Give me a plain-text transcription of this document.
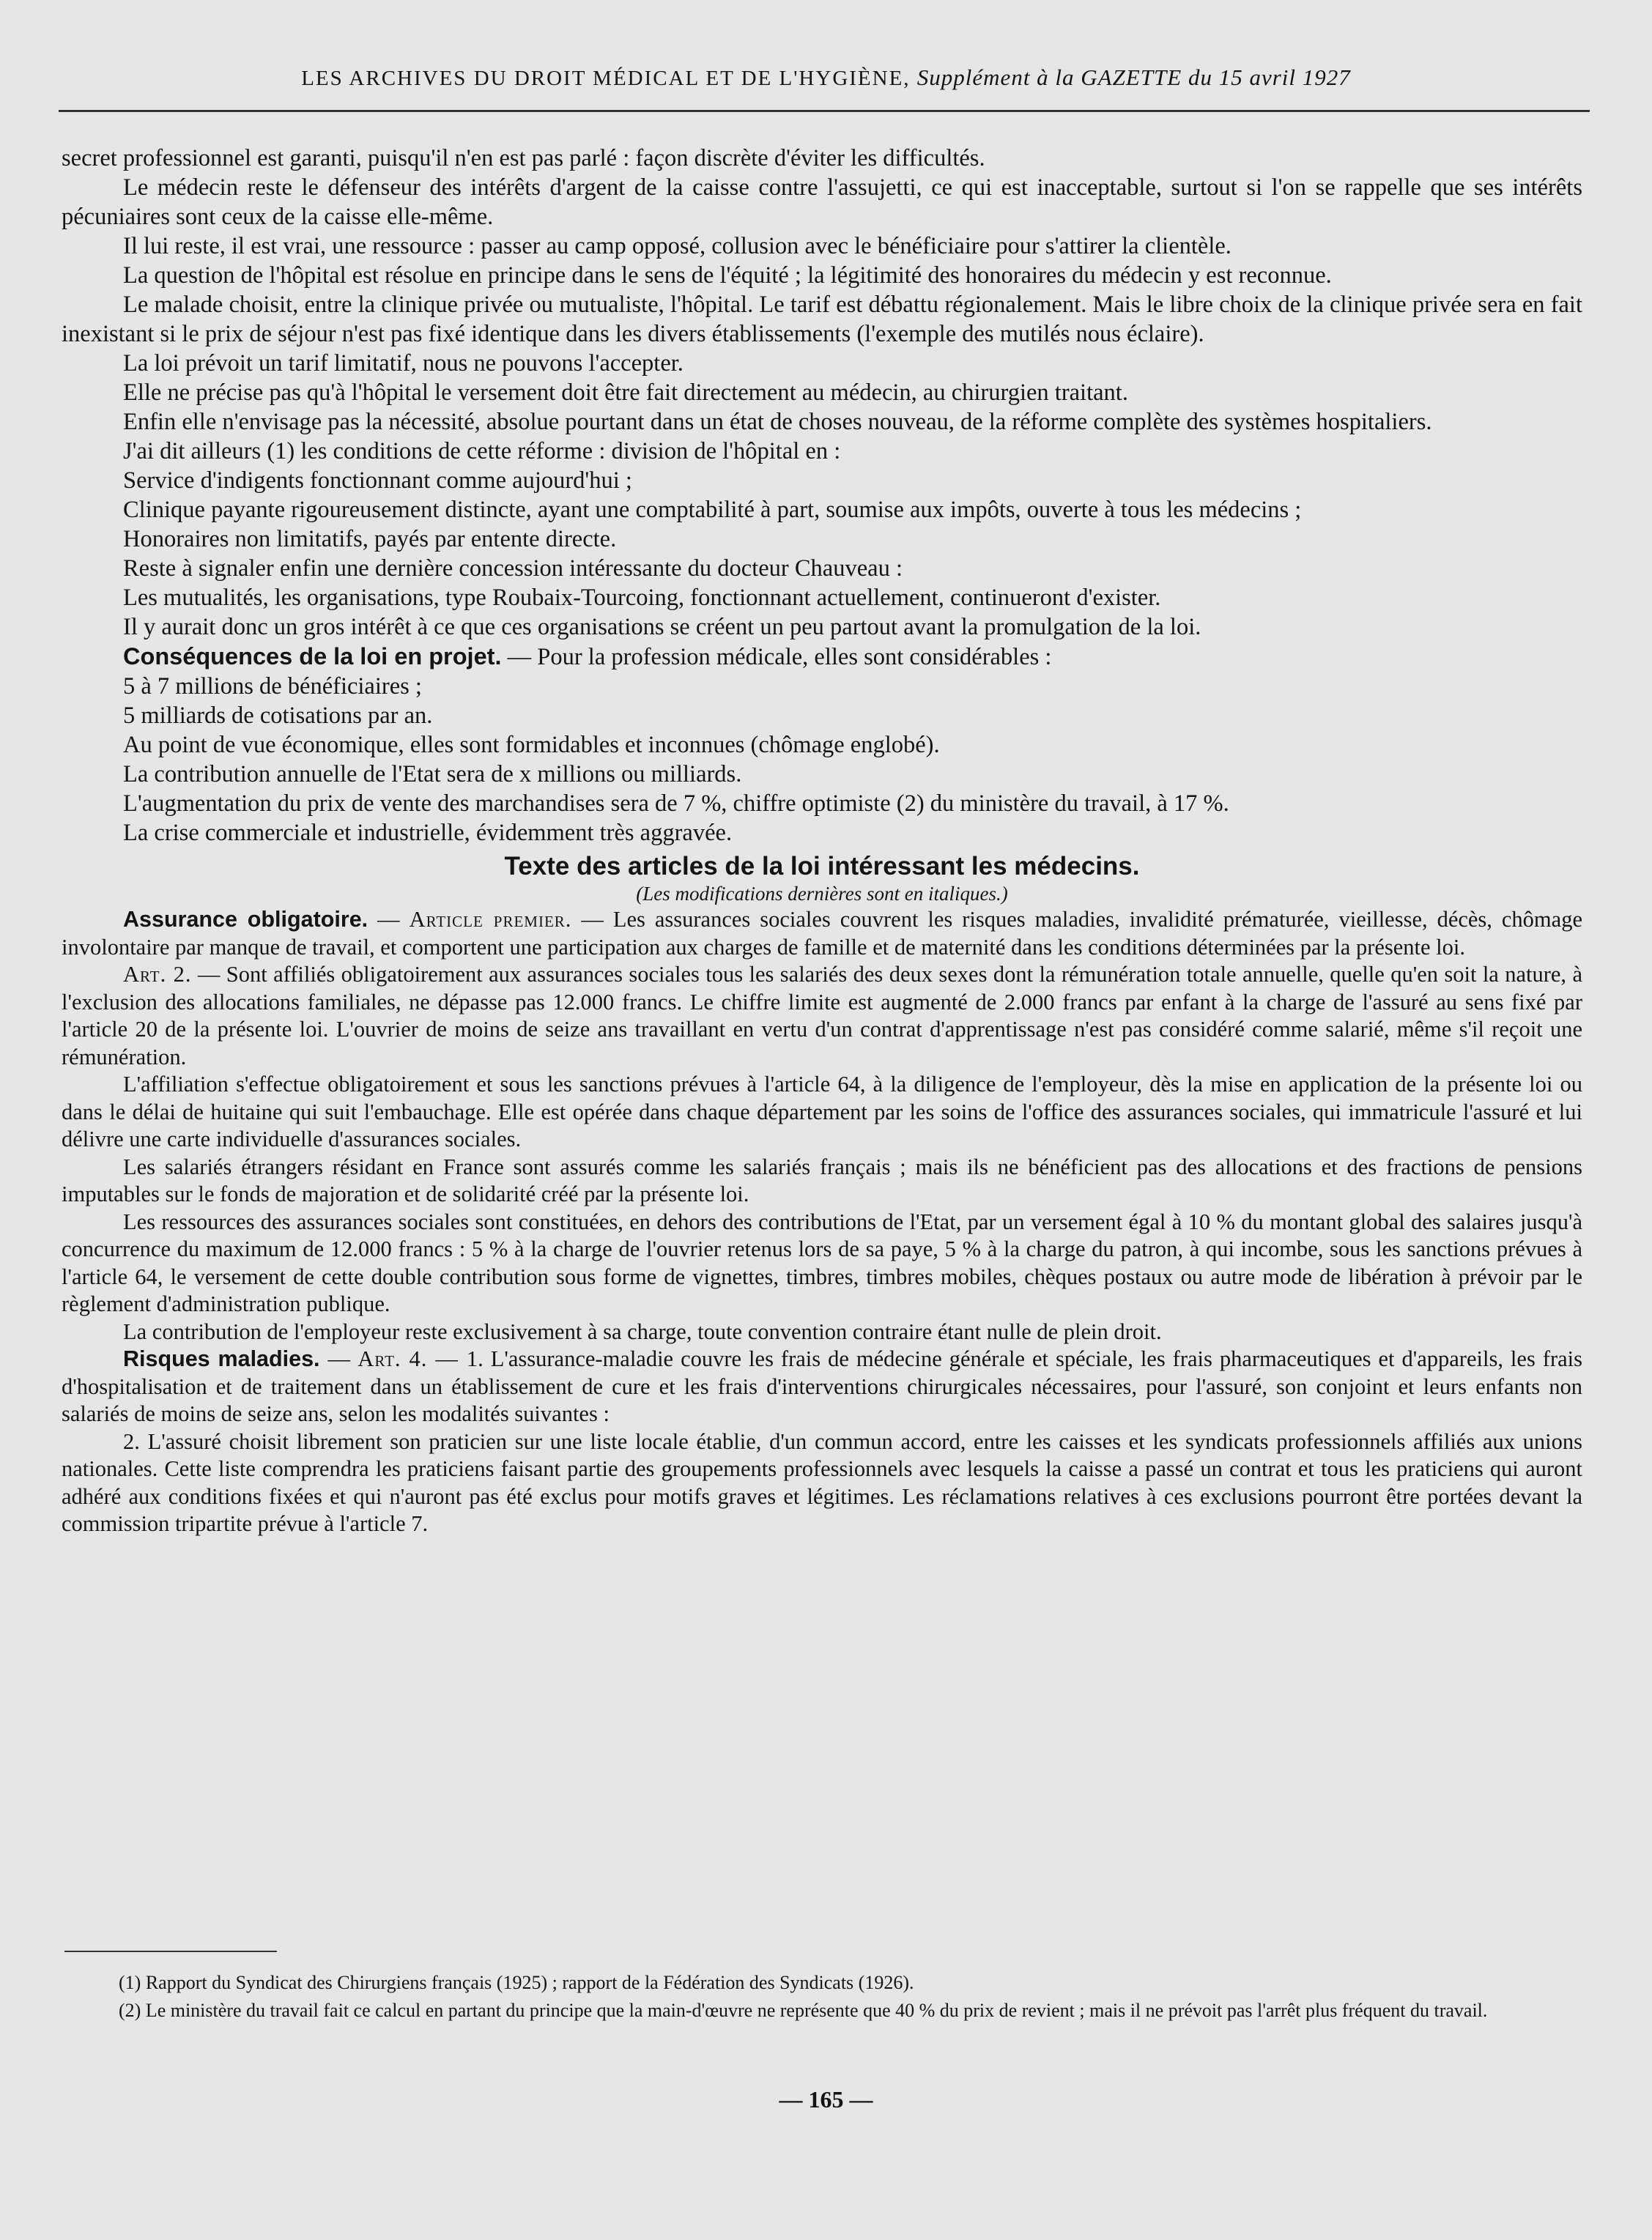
LES ARCHIVES DU DROIT MÉDICAL ET DE L'HYGIÈNE, Supplément à la GAZETTE du 15 avril 1927

secret professionnel est garanti, puisqu'il n'en est pas parlé : façon discrète d'éviter les difficultés.

Le médecin reste le défenseur des intérêts d'argent de la caisse contre l'assujetti, ce qui est inacceptable, surtout si l'on se rappelle que ses intérêts pécuniaires sont ceux de la caisse elle-même.

Il lui reste, il est vrai, une ressource : passer au camp opposé, collusion avec le bénéficiaire pour s'attirer la clientèle.

La question de l'hôpital est résolue en principe dans le sens de l'équité ; la légitimité des honoraires du médecin y est reconnue.

Le malade choisit, entre la clinique privée ou mutualiste, l'hôpital. Le tarif est débattu régionalement. Mais le libre choix de la clinique privée sera en fait inexistant si le prix de séjour n'est pas fixé identique dans les divers établissements (l'exemple des mutilés nous éclaire).

La loi prévoit un tarif limitatif, nous ne pouvons l'accepter.

Elle ne précise pas qu'à l'hôpital le versement doit être fait directement au médecin, au chirurgien traitant.

Enfin elle n'envisage pas la nécessité, absolue pourtant dans un état de choses nouveau, de la réforme complète des systèmes hospitaliers.

J'ai dit ailleurs (1) les conditions de cette réforme : division de l'hôpital en :

Service d'indigents fonctionnant comme aujourd'hui ;

Clinique payante rigoureusement distincte, ayant une comptabilité à part, soumise aux impôts, ouverte à tous les médecins ;

Honoraires non limitatifs, payés par entente directe.

Reste à signaler enfin une dernière concession intéressante du docteur Chauveau :

Les mutualités, les organisations, type Roubaix-Tourcoing, fonctionnant actuellement, continueront d'exister.

Il y aurait donc un gros intérêt à ce que ces organisations se créent un peu partout avant la promulgation de la loi.

Conséquences de la loi en projet. — Pour la profession médicale, elles sont considérables :

5 à 7 millions de bénéficiaires ;

5 milliards de cotisations par an.

Au point de vue économique, elles sont formidables et inconnues (chômage englobé).

La contribution annuelle de l'Etat sera de x millions ou milliards.

L'augmentation du prix de vente des marchandises sera de 7 %, chiffre optimiste (2) du ministère du travail, à 17 %.

La crise commerciale et industrielle, évidemment très aggravée.

Texte des articles de la loi intéressant les médecins.
(Les modifications dernières sont en italiques.)

Assurance obligatoire. — Article premier. — Les assurances sociales couvrent les risques maladies, invalidité prématurée, vieillesse, décès, chômage involontaire par manque de travail, et comportent une participation aux charges de famille et de maternité dans les conditions déterminées par la présente loi.

Art. 2. — Sont affiliés obligatoirement aux assurances sociales tous les salariés des deux sexes dont la rémunération totale annuelle, quelle qu'en soit la nature, à l'exclusion des allocations familiales, ne dépasse pas 12.000 francs. Le chiffre limite est augmenté de 2.000 francs par enfant à la charge de l'assuré au sens fixé par l'article 20 de la présente loi. L'ouvrier de moins de seize ans travaillant en vertu d'un contrat d'apprentissage n'est pas considéré comme salarié, même s'il reçoit une rémunération.

L'affiliation s'effectue obligatoirement et sous les sanctions prévues à l'article 64, à la diligence de l'employeur, dès la mise en application de la présente loi ou dans le délai de huitaine qui suit l'embauchage. Elle est opérée dans chaque département par les soins de l'office des assurances sociales, qui immatricule l'assuré et lui délivre une carte individuelle d'assurances sociales.

Les salariés étrangers résidant en France sont assurés comme les salariés français ; mais ils ne bénéficient pas des allocations et des fractions de pensions imputables sur le fonds de majoration et de solidarité créé par la présente loi.

Les ressources des assurances sociales sont constituées, en dehors des contributions de l'Etat, par un versement égal à 10 % du montant global des salaires jusqu'à concurrence du maximum de 12.000 francs : 5 % à la charge de l'ouvrier retenus lors de sa paye, 5 % à la charge du patron, à qui incombe, sous les sanctions prévues à l'article 64, le versement de cette double contribution sous forme de vignettes, timbres, timbres mobiles, chèques postaux ou autre mode de libération à prévoir par le règlement d'administration publique.

La contribution de l'employeur reste exclusivement à sa charge, toute convention contraire étant nulle de plein droit.

Risques maladies. — Art. 4. — 1. L'assurance-maladie couvre les frais de médecine générale et spéciale, les frais pharmaceutiques et d'appareils, les frais d'hospitalisation et de traitement dans un établissement de cure et les frais d'interventions chirurgicales nécessaires, pour l'assuré, son conjoint et leurs enfants non salariés de moins de seize ans, selon les modalités suivantes :

2. L'assuré choisit librement son praticien sur une liste locale établie, d'un commun accord, entre les caisses et les syndicats professionnels affiliés aux unions nationales. Cette liste comprendra les praticiens faisant partie des groupements professionnels avec lesquels la caisse a passé un contrat et tous les praticiens qui auront adhéré aux conditions fixées et qui n'auront pas été exclus pour motifs graves et légitimes. Les réclamations relatives à ces exclusions pourront être portées devant la commission tripartite prévue à l'article 7.

(1) Rapport du Syndicat des Chirurgiens français (1925) ; rapport de la Fédération des Syndicats (1926).

(2) Le ministère du travail fait ce calcul en partant du principe que la main-d'œuvre ne représente que 40 % du prix de revient ; mais il ne prévoit pas l'arrêt plus fréquent du travail.

— 165 —
